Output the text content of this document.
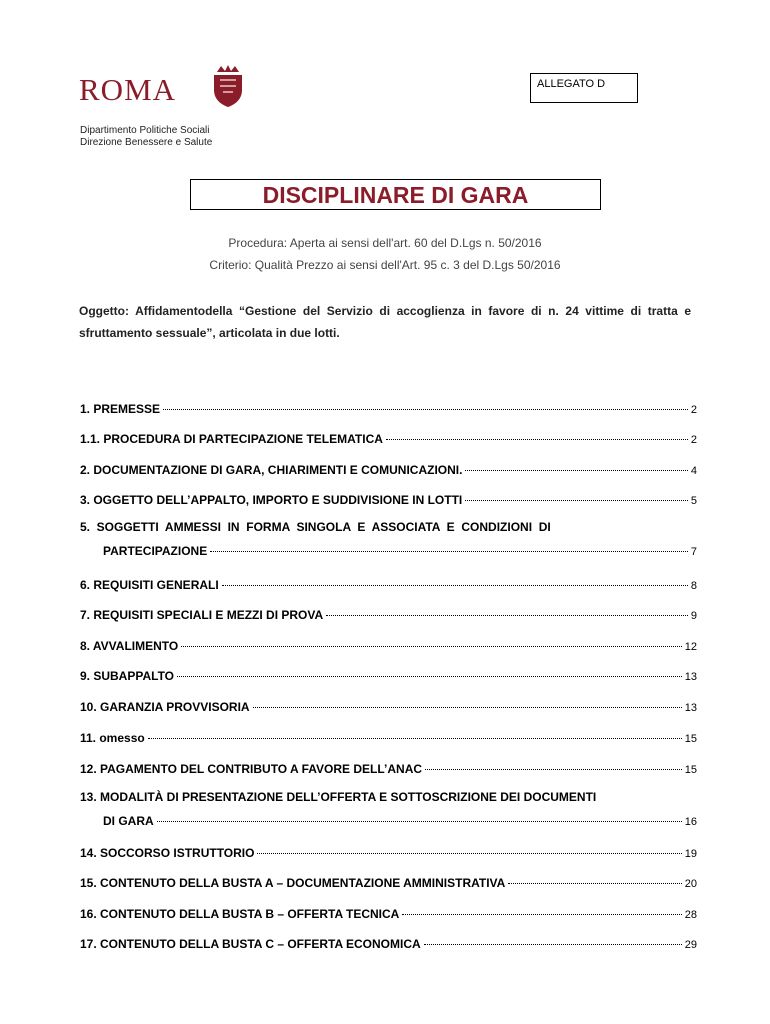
ROMA	ALLEGATO D
Dipartimento Politiche Sociali
Direzione Benessere e Salute
DISCIPLINARE DI GARA
Procedura: Aperta ai sensi dell'art. 60 del D.Lgs n. 50/2016
Criterio: Qualità Prezzo ai sensi dell'Art. 95 c. 3 del D.Lgs 50/2016
Oggetto: Affidamentodella “Gestione del Servizio di accoglienza in favore di n. 24 vittime di tratta e sfruttamento sessuale”, articolata in due lotti.
1. PREMESSE	2
1.1. PROCEDURA DI PARTECIPAZIONE TELEMATICA	2
2. DOCUMENTAZIONE DI GARA, CHIARIMENTI E COMUNICAZIONI.	4
3. OGGETTO DELL’APPALTO, IMPORTO E SUDDIVISIONE IN LOTTI	5
5.  SOGGETTI  AMMESSI  IN  FORMA  SINGOLA  E  ASSOCIATA  E  CONDIZIONI  DI
PARTECIPAZIONE	7
6. REQUISITI GENERALI	8
7. REQUISITI SPECIALI E MEZZI DI PROVA	9
8. AVVALIMENTO	12
9. SUBAPPALTO	13
10. GARANZIA PROVVISORIA	13
11. omesso	15
12. PAGAMENTO DEL CONTRIBUTO A FAVORE DELL’ANAC	15
13. MODALITÀ DI PRESENTAZIONE DELL’OFFERTA E SOTTOSCRIZIONE DEI DOCUMENTI
DI GARA	16
14. SOCCORSO ISTRUTTORIO	19
15. CONTENUTO DELLA BUSTA A – DOCUMENTAZIONE AMMINISTRATIVA	20
16. CONTENUTO DELLA BUSTA B – OFFERTA TECNICA	28
17. CONTENUTO DELLA BUSTA C – OFFERTA ECONOMICA	29
